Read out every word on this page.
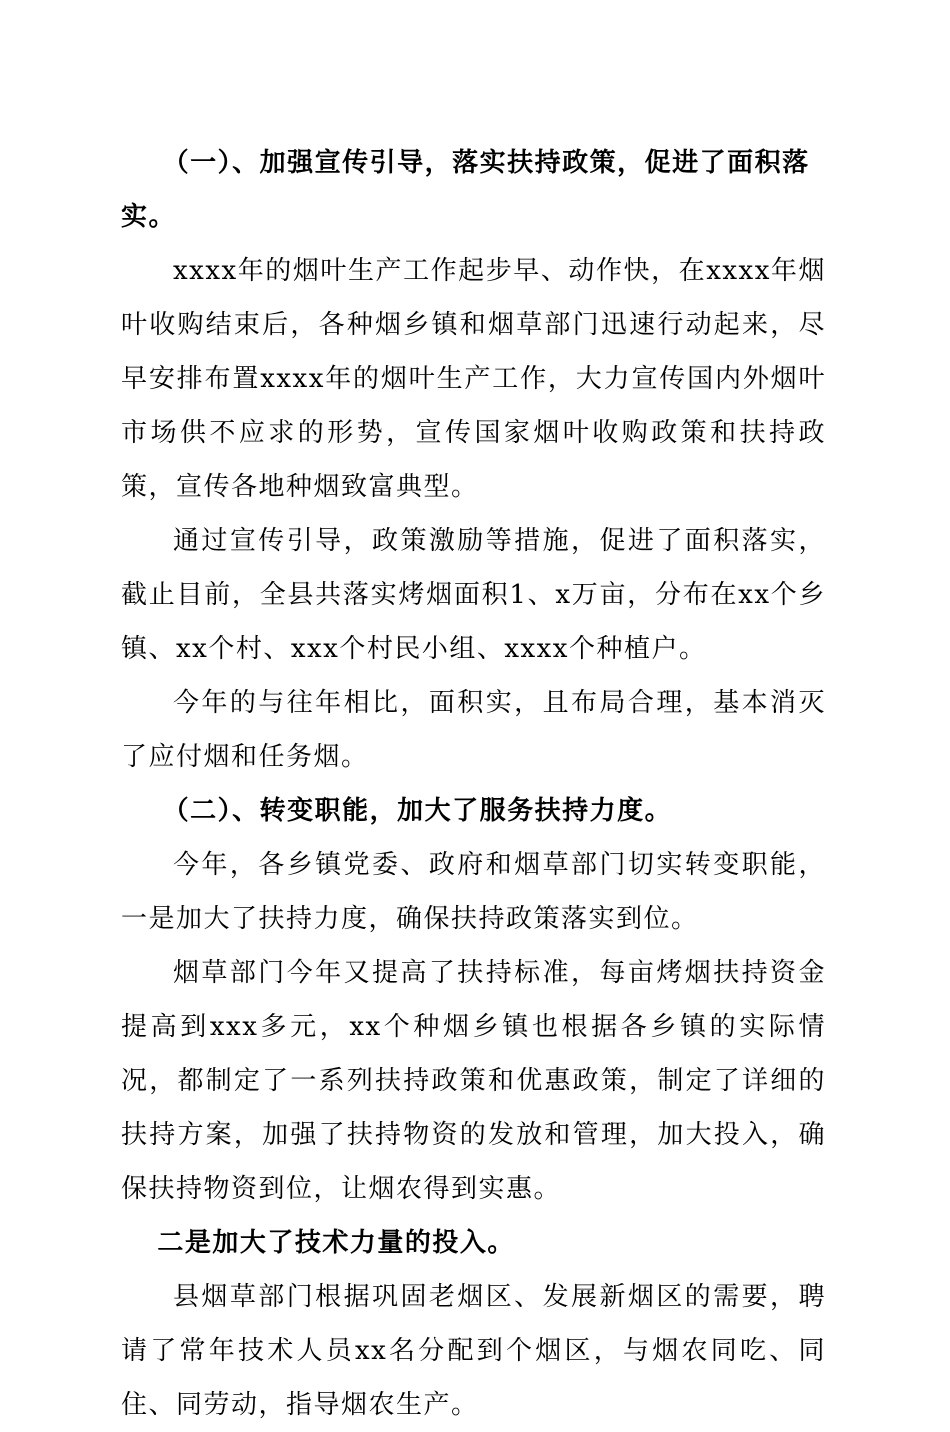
（一）、加强宣传引导，落实扶持政策，促进了面积落实。

xxxx年的烟叶生产工作起步早、动作快，在xxxx年烟叶收购结束后，各种烟乡镇和烟草部门迅速行动起来，尽早安排布置xxxx年的烟叶生产工作，大力宣传国内外烟叶市场供不应求的形势，宣传国家烟叶收购政策和扶持政策，宣传各地种烟致富典型。

通过宣传引导，政策激励等措施，促进了面积落实，截止目前，全县共落实烤烟面积1、x万亩，分布在xx个乡镇、xx个村、xxx个村民小组、xxxx个种植户。

今年的与往年相比，面积实，且布局合理，基本消灭了应付烟和任务烟。

（二）、转变职能，加大了服务扶持力度。

今年，各乡镇党委、政府和烟草部门切实转变职能，一是加大了扶持力度，确保扶持政策落实到位。

烟草部门今年又提高了扶持标准，每亩烤烟扶持资金提高到xxx多元，xx个种烟乡镇也根据各乡镇的实际情况，都制定了一系列扶持政策和优惠政策，制定了详细的扶持方案，加强了扶持物资的发放和管理，加大投入，确保扶持物资到位，让烟农得到实惠。

二是加大了技术力量的投入。

县烟草部门根据巩固老烟区、发展新烟区的需要，聘请了常年技术人员xx名分配到个烟区，与烟农同吃、同住、同劳动，指导烟农生产。
